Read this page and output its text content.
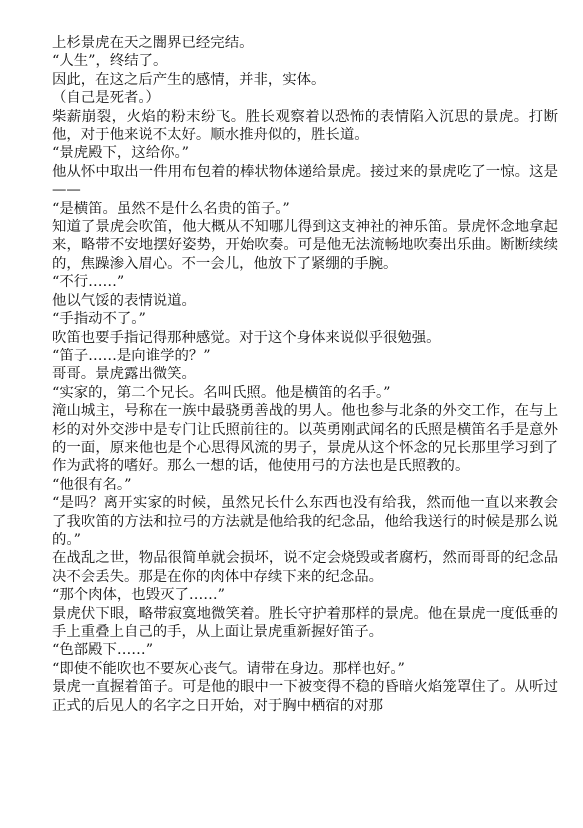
上杉景虎在天之闇界已经完结。

“人生”，终结了。

因此，在这之后产生的感情，并非，实体。

（自己是死者。）

柴薪崩裂，火焰的粉末纷飞。胜长观察着以恐怖的表情陷入沉思的景虎。打断他，对于他来说不太好。顺水推舟似的，胜长道。

“景虎殿下，这给你。”

他从怀中取出一件用布包着的棒状物体递给景虎。接过来的景虎吃了一惊。这是——

“是横笛。虽然不是什么名贵的笛子。”

知道了景虎会吹笛，他大概从不知哪儿得到这支神社的神乐笛。景虎怀念地拿起来，略带不安地摆好姿势，开始吹奏。可是他无法流畅地吹奏出乐曲。断断续续的，焦躁渗入眉心。不一会儿，他放下了紧绷的手腕。

“不行……”

他以气馁的表情说道。

“手指动不了。”

吹笛也要手指记得那种感觉。对于这个身体来说似乎很勉强。

“笛子……是向谁学的？”

哥哥。景虎露出微笑。

“实家的，第二个兄长。名叫氏照。他是横笛的名手。”

滝山城主，号称在一族中最骁勇善战的男人。他也参与北条的外交工作，在与上杉的对外交涉中是专门让氏照前往的。以英勇刚武闻名的氏照是横笛名手是意外的一面，原来他也是个心思得风流的男子，景虎从这个怀念的兄长那里学习到了作为武将的嗜好。那么一想的话，他使用弓的方法也是氏照教的。

“他很有名。”

“是吗？离开实家的时候，虽然兄长什么东西也没有给我，然而他一直以来教会了我吹笛的方法和拉弓的方法就是他给我的纪念品，他给我送行的时候是那么说的。”

在战乱之世，物品很简单就会损坏，说不定会烧毁或者腐朽，然而哥哥的纪念品决不会丢失。那是在你的肉体中存续下来的纪念品。

“那个肉体，也毁灭了……”

景虎伏下眼，略带寂寞地微笑着。胜长守护着那样的景虎。他在景虎一度低垂的手上重叠上自己的手，从上面让景虎重新握好笛子。

“色部殿下……”

“即使不能吹也不要灰心丧气。请带在身边。那样也好。”

景虎一直握着笛子。可是他的眼中一下被变得不稳的昏暗火焰笼罩住了。从听过正式的后见人的名字之日开始，对于胸中栖宿的对那
